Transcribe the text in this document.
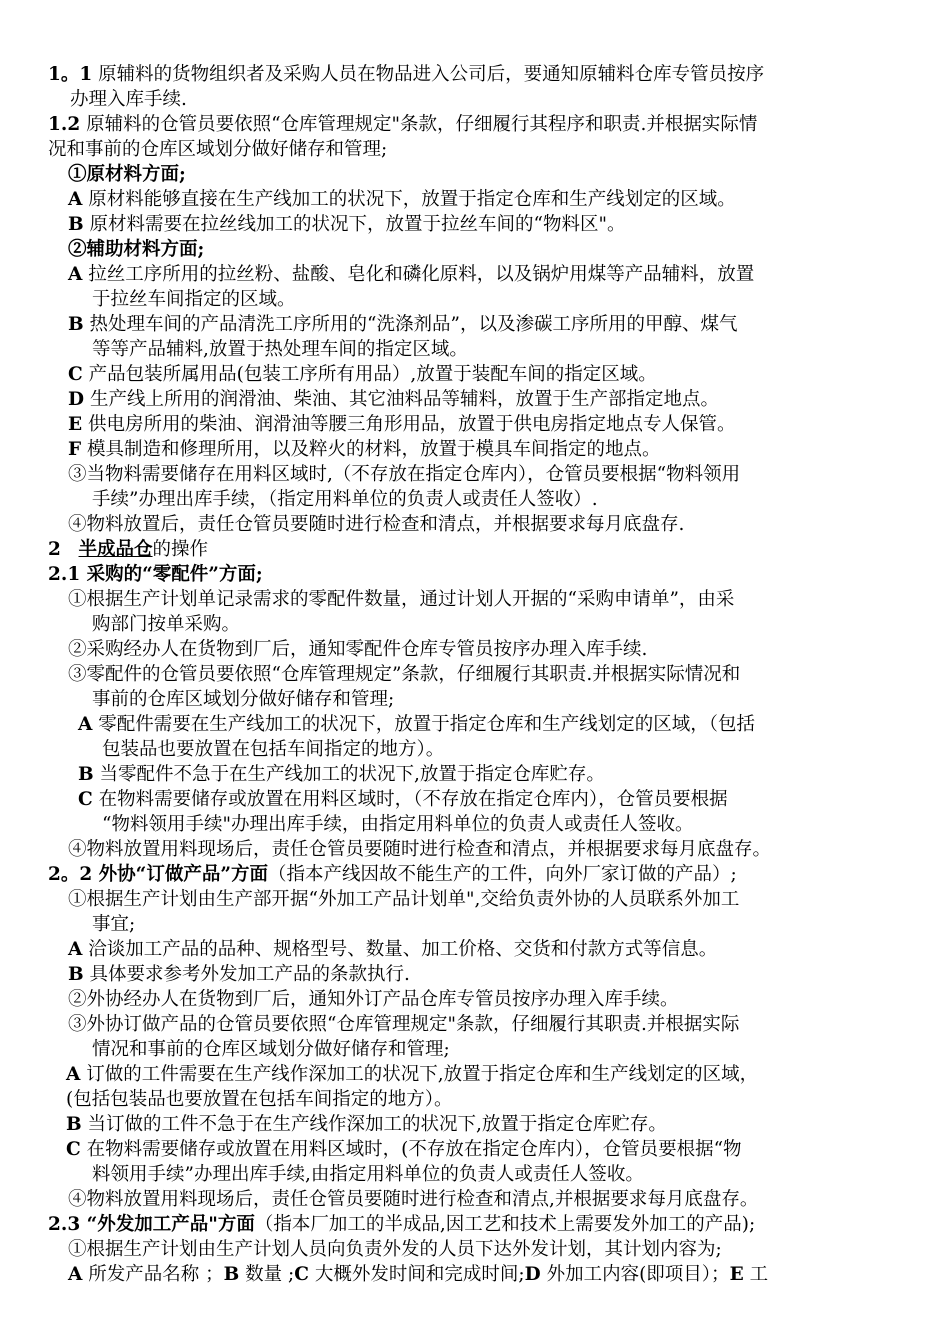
1。1 原辅料的货物组织者及采购人员在物品进入公司后，要通知原辅料仓库专管员按序

办理入库手续.

1.2 原辅料的仓管员要依照“仓库管理规定"条款，仔细履行其程序和职责.并根据实际情

况和事前的仓库区域划分做好储存和管理;

①原材料方面;

A 原材料能够直接在生产线加工的状况下，放置于指定仓库和生产线划定的区域。

B 原材料需要在拉丝线加工的状况下，放置于拉丝车间的“物料区"。

②辅助材料方面;

A 拉丝工序所用的拉丝粉、盐酸、皂化和磷化原料，以及锅炉用煤等产品辅料，放置

于拉丝车间指定的区域。

B 热处理车间的产品清洗工序所用的“洗涤剂品”，以及渗碳工序所用的甲醇、煤气

等等产品辅料,放置于热处理车间的指定区域。

C 产品包装所属用品(包装工序所有用品）,放置于装配车间的指定区域。

D 生产线上所用的润滑油、柴油、其它油料品等辅料，放置于生产部指定地点。

E 供电房所用的柴油、润滑油等腰三角形用品，放置于供电房指定地点专人保管。

F 模具制造和修理所用，以及粹火的材料，放置于模具车间指定的地点。

③当物料需要储存在用料区域时,（不存放在指定仓库内），仓管员要根据“物料领用

手续”办理出库手续，（指定用料单位的负责人或责任人签收）.

④物料放置后，责任仓管员要随时进行检查和清点，并根据要求每月底盘存.

2 半成品仓的操作

2.1 采购的“零配件”方面;

①根据生产计划单记录需求的零配件数量，通过计划人开据的“采购申请单”，由采

购部门按单采购。

②采购经办人在货物到厂后，通知零配件仓库专管员按序办理入库手续.

③零配件的仓管员要依照“仓库管理规定”条款，仔细履行其职责.并根据实际情况和

事前的仓库区域划分做好储存和管理;

A 零配件需要在生产线加工的状况下，放置于指定仓库和生产线划定的区域，（包括

包装品也要放置在包括车间指定的地方）。

B 当零配件不急于在生产线加工的状况下,放置于指定仓库贮存。

C 在物料需要储存或放置在用料区域时，（不存放在指定仓库内），仓管员要根据

“物料领用手续"办理出库手续，由指定用料单位的负责人或责任人签收。

④物料放置用料现场后，责任仓管员要随时进行检查和清点，并根据要求每月底盘存。

2。2 外协“订做产品”方面（指本产线因故不能生产的工件，向外厂家订做的产品）;

①根据生产计划由生产部开据“外加工产品计划单",交给负责外协的人员联系外加工

事宜;

A 洽谈加工产品的品种、规格型号、数量、加工价格、交货和付款方式等信息。

B 具体要求参考外发加工产品的条款执行.

②外协经办人在货物到厂后，通知外订产品仓库专管员按序办理入库手续。

③外协订做产品的仓管员要依照“仓库管理规定"条款，仔细履行其职责.并根据实际

情况和事前的仓库区域划分做好储存和管理;

A 订做的工件需要在生产线作深加工的状况下,放置于指定仓库和生产线划定的区域，

(包括包装品也要放置在包括车间指定的地方）。

B 当订做的工件不急于在生产线作深加工的状况下,放置于指定仓库贮存。

C 在物料需要储存或放置在用料区域时，(不存放在指定仓库内），仓管员要根据“物

料领用手续”办理出库手续,由指定用料单位的负责人或责任人签收。

④物料放置用料现场后，责任仓管员要随时进行检查和清点,并根据要求每月底盘存。

2.3 “外发加工产品"方面（指本厂加工的半成品,因工艺和技术上需要发外加工的产品);

①根据生产计划由生产计划人员向负责外发的人员下达外发计划，其计划内容为;

A 所发产品名称 ；B 数量 ;C 大概外发时间和完成时间;D 外加工内容(即项目）；E 工
